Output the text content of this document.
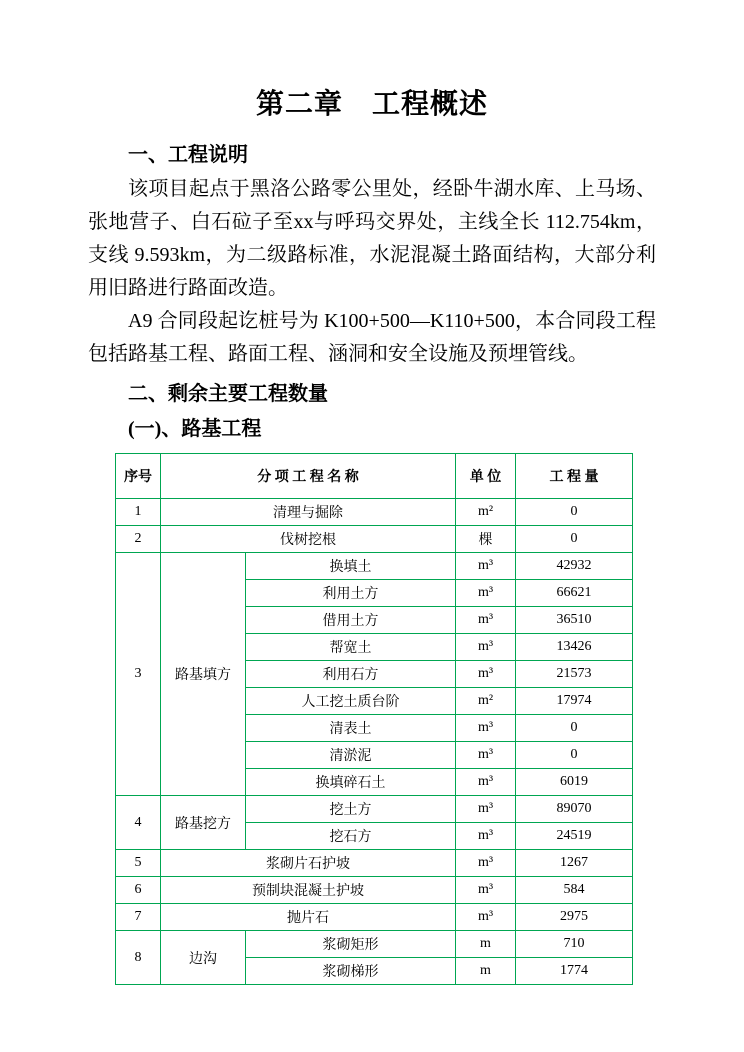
第二章　工程概述
一、工程说明

该项目起点于黑洛公路零公里处，经卧牛湖水库、上马场、张地营子、白石砬子至xx与呼玛交界处，主线全长 112.754km，支线 9.593km，为二级路标准，水泥混凝土路面结构，大部分利用旧路进行路面改造。

A9 合同段起讫桩号为 K100+500—K110+500，本合同段工程包括路基工程、路面工程、涵洞和安全设施及预埋管线。

二、剩余主要工程数量
(一)、路基工程
序号	分 项 工 程 名 称		单 位	工 程 量
1	清理与掘除		m²	0
2	伐树挖根		棵	0
3	路基填方	换填土	m³	42932
		利用土方	m³	66621
		借用土方	m³	36510
		帮宽土	m³	13426
		利用石方	m³	21573
		人工挖土质台阶	m²	17974
		清表土	m³	0
		清淤泥	m³	0
		换填碎石土	m³	6019
4	路基挖方	挖土方	m³	89070
		挖石方	m³	24519
5	浆砌片石护坡		m³	1267
6	预制块混凝土护坡		m³	584
7	抛片石		m³	2975
8	边沟	浆砌矩形	m	710
		浆砌梯形	m	1774
